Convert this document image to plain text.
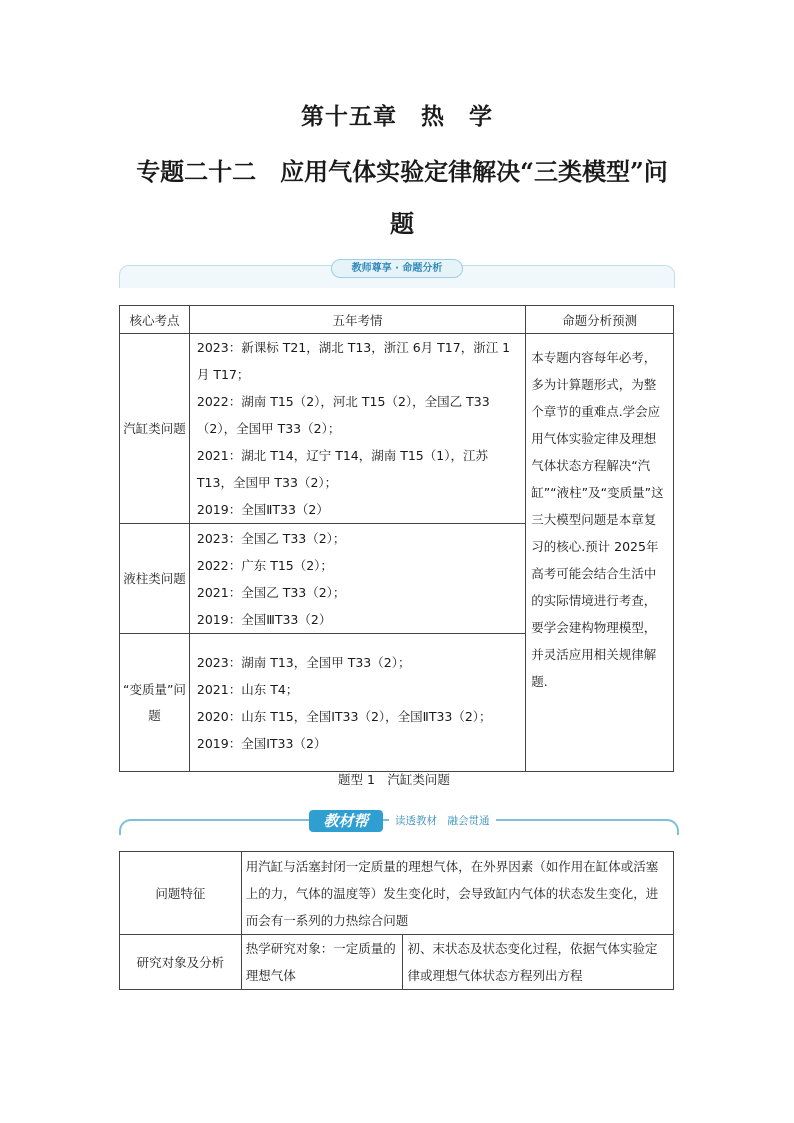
第十五章　热　学
专题二十二　应用气体实验定律解决“三类模型”问题
教师尊享 · 命题分析
核心考点	五年考情	命题分析预测
汽缸类问题	2023：新课标 T21，湖北 T13，浙江 6月 T17，浙江 1月 T17；
2022：湖南 T15（2），河北 T15（2），全国乙 T33（2），全国甲 T33（2）；
2021：湖北 T14，辽宁 T14，湖南 T15（1），江苏 T13，全国甲 T33（2）；
2019：全国ⅡT33（2）	本专题内容每年必考，多为计算题形式，为整个章节的重难点.学会应用气体实验定律及理想气体状态方程解决“汽缸”“液柱”及“变质量”这三大模型问题是本章复习的核心.预计 2025年高考可能会结合生活中的实际情境进行考查，要学会建构物理模型，并灵活应用相关规律解题.

液柱类问题	2023：全国乙 T33（2）；
2022：广东 T15（2）；
2021：全国乙 T33（2）；
2019：全国ⅢT33（2）	

“变质量”问题	2023：湖南 T13，全国甲 T33（2）；
2021：山东 T4；
2020：山东 T15，全国ⅠT33（2），全国ⅡT33（2）；
2019：全国ⅠT33（2）	
题型 1　汽缸类问题
教材帮	读透教材　融会贯通
问题特征	用汽缸与活塞封闭一定质量的理想气体，在外界因素（如作用在缸体或活塞上的力，气体的温度等）发生变化时，会导致缸内气体的状态发生变化，进而会有一系列的力热综合问题	
研究对象及分析	热学研究对象：一定质量的理想气体	初、末状态及状态变化过程，依据气体实验定律或理想气体状态方程列出方程
